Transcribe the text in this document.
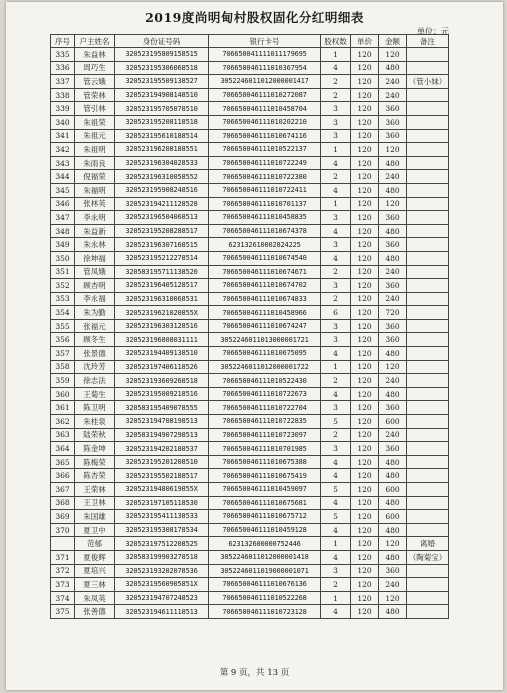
2019度尚明甸村股权固化分红明细表
单位：元
序号	户主姓名	身份证号码	银行卡号	股权数	单价	金额	备注
335	朱益林	320523195809158515	706650041111011179695	1	120	120	
336	周巧生	320523195306068518	706650046111010367954	4	120	480	
337	管云娥	320523195509138527	3052246011012000001417	2	120	240	（管小妹）
338	管荣林	320523194908148510	706650046111010272087	2	120	240	
339	管引林	320523195705078510	706650046111010458704	3	120	360	
340	朱祖荣	320523195208118518	706650046111010202210	3	120	360	
341	朱祖元	320523195610188514	706650046111010674116	3	120	360	
342	朱祖明	320523196208188551	706650046111010522137	1	120	120	
343	朱雨良	320523196304028533	706650046111010722249	4	120	480	
344	倪福荣	320523196310058552	706650046111010722380	2	120	240	
345	朱福明	320523195908248516	706650046111010722411	4	120	480	
346	张林英	320523194211128528	706650046111010701137	1	120	120	
347	李永明	320523196504068513	706650046111010458835	3	120	360	
348	朱益新	320523195208288517	706650046111010674378	4	120	480	
349	朱永林	320523196307168515	623132610002824225	3	120	360	
350	徐坤福	320523195212278514	706650046111010674540	4	120	480	
351	管凤娥	320583195711138520	706650046111010674671	2	120	240	
352	顾杏明	320523196405128517	706650046111010674702	3	120	360	
353	李永福	320523196310068531	706650046111010674833	2	120	240	
354	朱为勤	32052319621020855X	706650046111010458966	6	120	720	
355	张福元	320523196303128516	706650046111010674247	3	120	360	
356	顾冬生	320523196808031111	3052246011013000001721	3	120	360	
357	张景德	320523194409138510	706650046111010675095	4	120	480	
358	沈玲芳	320523197406118526	3052246011012000001722	1	120	120	
359	徐志法	320523193609268518	706650046111010522430	2	120	240	
360	王菊生	320523195009218516	706650046111010722673	4	120	480	
361	陈卫明	320583195409078555	706650046111010722704	3	120	360	
362	朱桂泉	320523194708198513	706650046111010722835	5	120	600	
363	陆荣秋	320583194907298513	706650046111010723097	2	120	240	
364	陈金坤	320523194202188537	706650046111010701985	3	120	360	
365	陈梅荣	320523195201208510	706650046111010675388	4	120	480	
366	陈杏荣	320523195502188517	706650046111010675419	4	120	480	
367	王荣林	32052319480619855X	706650046111010459097	5	120	600	
368	王卫林	320523197105118530	706650046111010675681	4	120	480	
369	朱国雄	320523195411138533	706650046111010675712	5	120	600	
370	夏卫中	320523195308178534	706650046111010459128	4	120	480	
	范郁	320523197512208525	623132600000752446	1	120	120	离婚
371	夏俊辉	320583199903278518	3052246011012000001418	4	120	480	（陶菊宝）
372	夏培兴	320523193202078536	3052246011019000001071	3	120	360	
373	夏三林	32052319560905851X	706650046111010676136	2	120	240	
374	朱凤英	320523194707248523	706650046111010522268	1	120	120	
375	张善德	320523194611118513	706650046111010723128	4	120	480	
第 9 页，共 13 页
